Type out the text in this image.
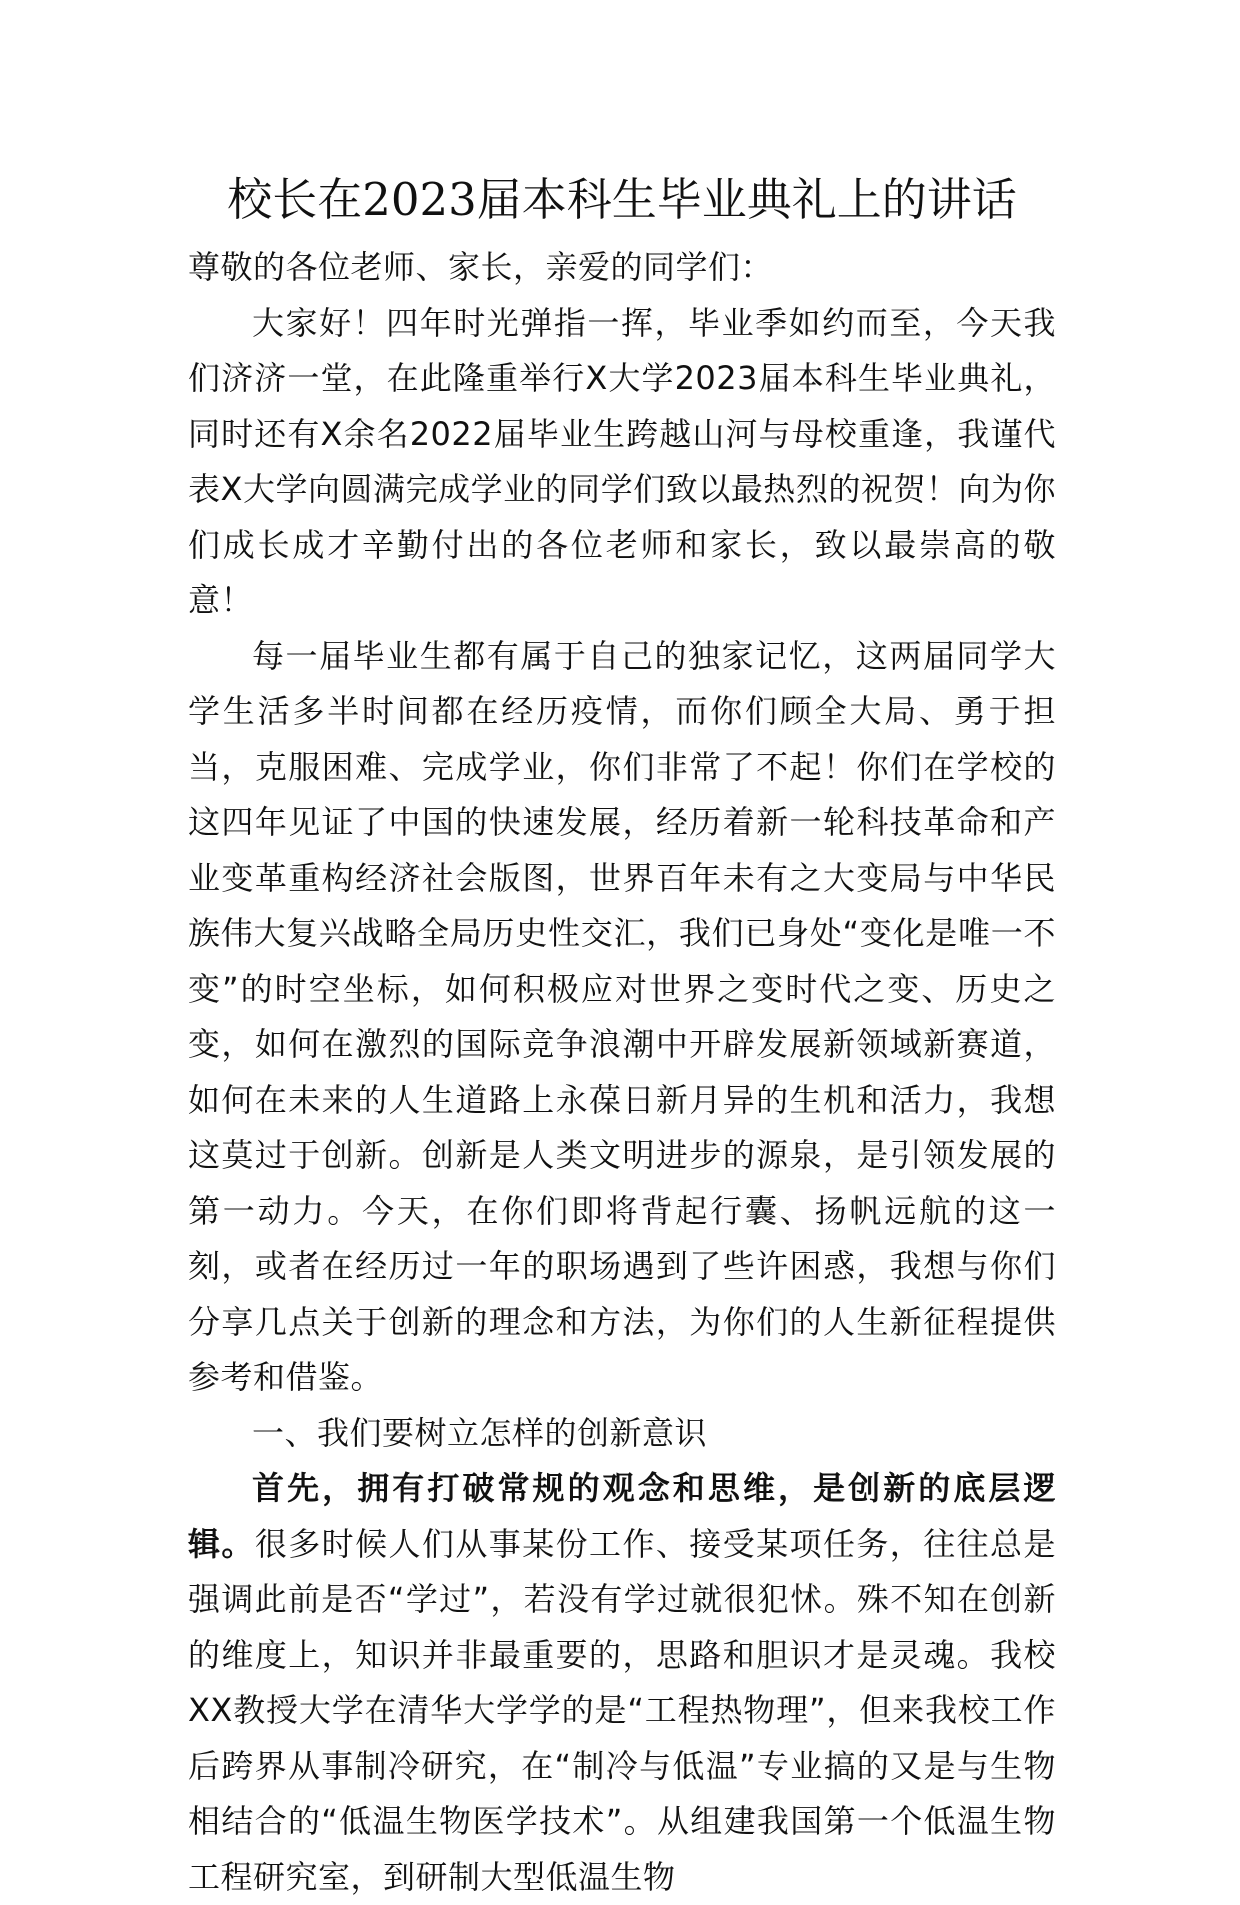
校长在2023届本科生毕业典礼上的讲话

尊敬的各位老师、家长，亲爱的同学们：

大家好！四年时光弹指一挥，毕业季如约而至，今天我们济济一堂，在此隆重举行X大学2023届本科生毕业典礼，同时还有X余名2022届毕业生跨越山河与母校重逢，我谨代表X大学向圆满完成学业的同学们致以最热烈的祝贺！向为你们成长成才辛勤付出的各位老师和家长，致以最崇高的敬意！

每一届毕业生都有属于自己的独家记忆，这两届同学大学生活多半时间都在经历疫情，而你们顾全大局、勇于担当，克服困难、完成学业，你们非常了不起！你们在学校的这四年见证了中国的快速发展，经历着新一轮科技革命和产业变革重构经济社会版图，世界百年未有之大变局与中华民族伟大复兴战略全局历史性交汇，我们已身处“变化是唯一不变”的时空坐标，如何积极应对世界之变时代之变、历史之变，如何在激烈的国际竞争浪潮中开辟发展新领域新赛道，如何在未来的人生道路上永葆日新月异的生机和活力，我想这莫过于创新。创新是人类文明进步的源泉，是引领发展的第一动力。今天，在你们即将背起行囊、扬帆远航的这一刻，或者在经历过一年的职场遇到了些许困惑，我想与你们分享几点关于创新的理念和方法，为你们的人生新征程提供参考和借鉴。

一、我们要树立怎样的创新意识

首先，拥有打破常规的观念和思维，是创新的底层逻辑。很多时候人们从事某份工作、接受某项任务，往往总是强调此前是否“学过”，若没有学过就很犯怵。殊不知在创新的维度上，知识并非最重要的，思路和胆识才是灵魂。我校XX教授大学在清华大学学的是“工程热物理”，但来我校工作后跨界从事制冷研究，在“制冷与低温”专业搞的又是与生物相结合的“低温生物医学技术”。从组建我国第一个低温生物工程研究室，到研制大型低温生物
